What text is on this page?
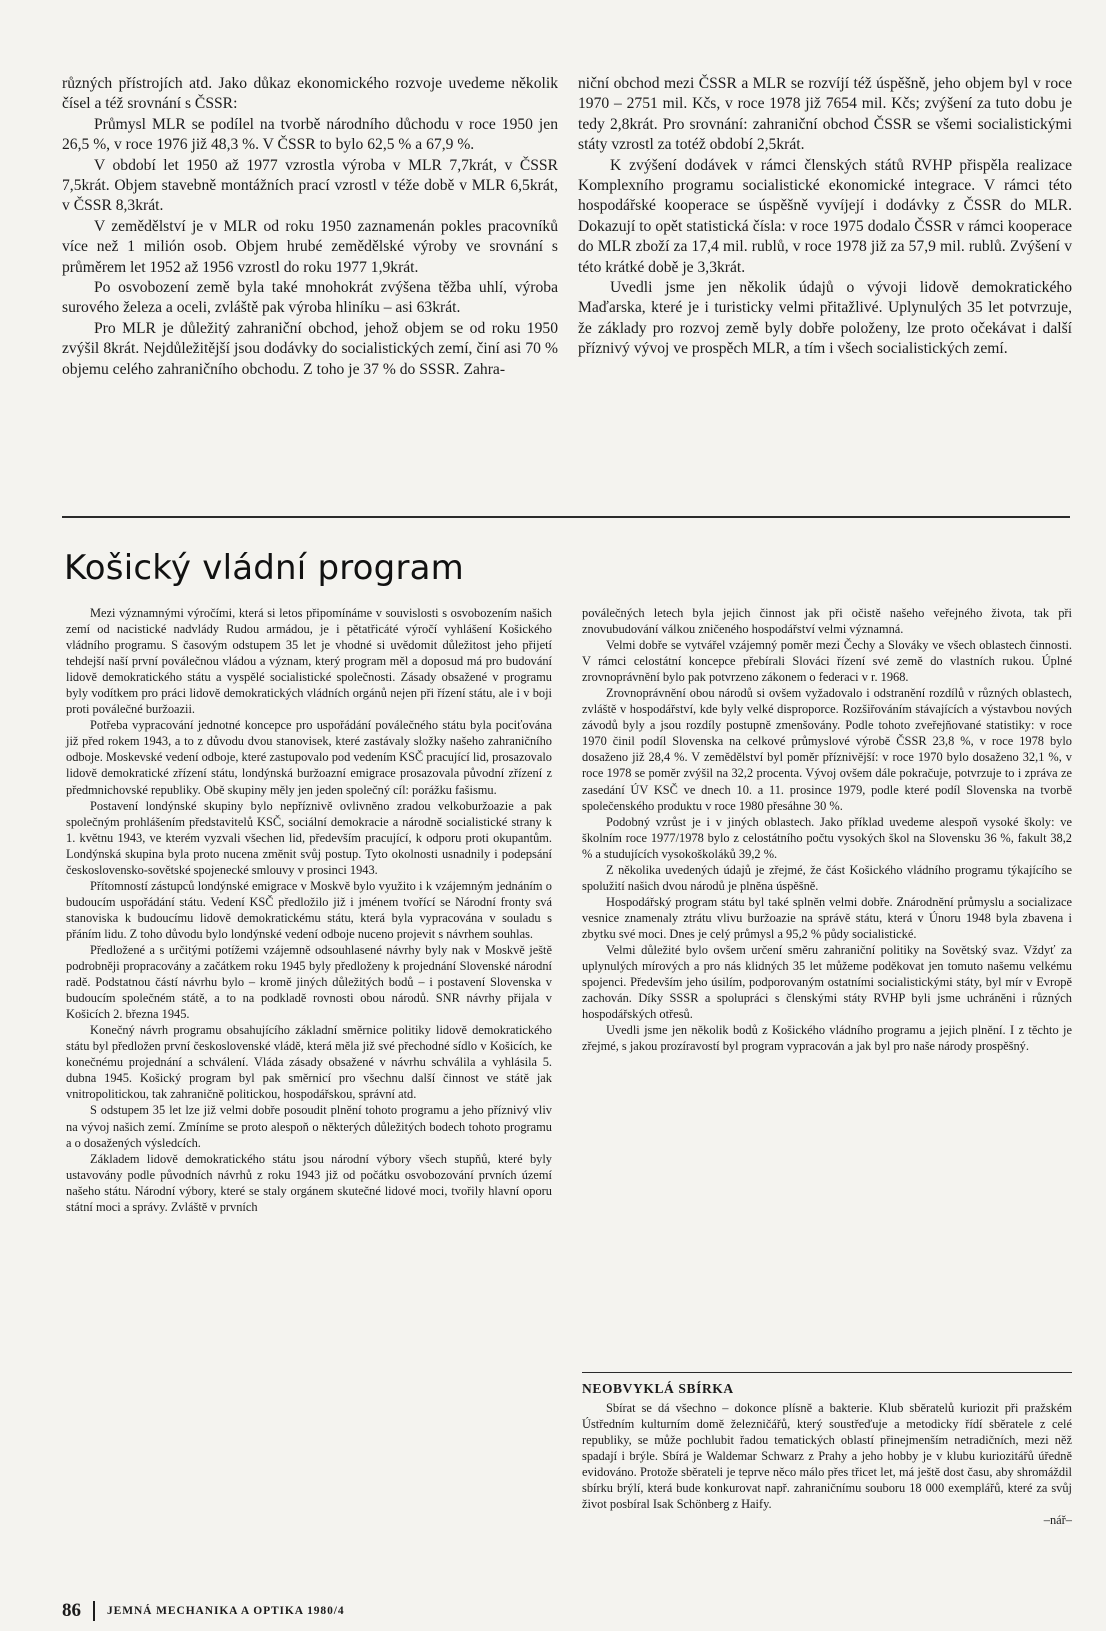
různých přístrojích atd. Jako důkaz ekonomického rozvoje uvedeme několik čísel a též srovnání s ČSSR:

Průmysl MLR se podílel na tvorbě národního důchodu v roce 1950 jen 26,5 %, v roce 1976 již 48,3 %. V ČSSR to bylo 62,5 % a 67,9 %.

V období let 1950 až 1977 vzrostla výroba v MLR 7,7krát, v ČSSR 7,5krát. Objem stavebně montážních prací vzrostl v téže době v MLR 6,5krát, v ČSSR 8,3krát.

V zemědělství je v MLR od roku 1950 zaznamenán pokles pracovníků více než 1 milión osob. Objem hrubé zemědělské výroby ve srovnání s průměrem let 1952 až 1956 vzrostl do roku 1977 1,9krát.

Po osvobození země byla také mnohokrát zvýšena těžba uhlí, výroba surového železa a oceli, zvláště pak výroba hliníku – asi 63krát.

Pro MLR je důležitý zahraniční obchod, jehož objem se od roku 1950 zvýšil 8krát. Nejdůležitější jsou dodávky do socialistických zemí, činí asi 70 % objemu celého zahraničního obchodu. Z toho je 37 % do SSSR. Zahra-

niční obchod mezi ČSSR a MLR se rozvíjí též úspěšně, jeho objem byl v roce 1970 – 2751 mil. Kčs, v roce 1978 již 7654 mil. Kčs; zvýšení za tuto dobu je tedy 2,8krát. Pro srovnání: zahraniční obchod ČSSR se všemi socialistickými státy vzrostl za totéž období 2,5krát.

K zvýšení dodávek v rámci členských států RVHP přispěla realizace Komplexního programu socialistické ekonomické integrace. V rámci této hospodářské kooperace se úspěšně vyvíjejí i dodávky z ČSSR do MLR. Dokazují to opět statistická čísla: v roce 1975 dodalo ČSSR v rámci kooperace do MLR zboží za 17,4 mil. rublů, v roce 1978 již za 57,9 mil. rublů. Zvýšení v této krátké době je 3,3krát.

Uvedli jsme jen několik údajů o vývoji lidově demokratického Maďarska, které je i turisticky velmi přitažlivé. Uplynulých 35 let potvrzuje, že základy pro rozvoj země byly dobře položeny, lze proto očekávat i další příznivý vývoj ve prospěch MLR, a tím i všech socialistických zemí.

Košický vládní program

Mezi významnými výročími, která si letos připomínáme v souvislosti s osvobozením našich zemí od nacistické nadvlády Rudou armádou, je i pětatřicáté výročí vyhlášení Košického vládního programu. S časovým odstupem 35 let je vhodné si uvědomit důležitost jeho přijetí tehdejší naší první poválečnou vládou a význam, který program měl a doposud má pro budování lidově demokratického státu a vyspělé socialistické společnosti. Zásady obsažené v programu byly vodítkem pro práci lidově demokratických vládních orgánů nejen při řízení státu, ale i v boji proti poválečné buržoazii.

Potřeba vypracování jednotné koncepce pro uspořádání poválečného státu byla pociťována již před rokem 1943, a to z důvodu dvou stanovisek, které zastávaly složky našeho zahraničního odboje. Moskevské vedení odboje, které zastupovalo pod vedením KSČ pracující lid, prosazovalo lidově demokratické zřízení státu, londýnská buržoazní emigrace prosazovala původní zřízení z předmnichovské republiky. Obě skupiny měly jen jeden společný cíl: porážku fašismu.

Postavení londýnské skupiny bylo nepříznivě ovlivněno zradou velkoburžoazie a pak společným prohlášením představitelů KSČ, sociální demokracie a národně socialistické strany k 1. květnu 1943, ve kterém vyzvali všechen lid, především pracující, k odporu proti okupantům. Londýnská skupina byla proto nucena změnit svůj postup. Tyto okolnosti usnadnily i podepsání československo-sovětské spojenecké smlouvy v prosinci 1943.

Přítomností zástupců londýnské emigrace v Moskvě bylo využito i k vzájemným jednáním o budoucím uspořádání státu. Vedení KSČ předložilo již i jménem tvořící se Národní fronty svá stanoviska k budoucímu lidově demokratickému státu, která byla vypracována v souladu s přáním lidu. Z toho důvodu bylo londýnské vedení odboje nuceno projevit s návrhem souhlas.

Předložené a s určitými potížemi vzájemně odsouhlasené návrhy byly nak v Moskvě ještě podrobněji propracovány a začátkem roku 1945 byly předloženy k projednání Slovenské národní radě. Podstatnou částí návrhu bylo – kromě jiných důležitých bodů – i postavení Slovenska v budoucím společném státě, a to na podkladě rovnosti obou národů. SNR návrhy přijala v Košicích 2. března 1945.

Konečný návrh programu obsahujícího základní směrnice politiky lidově demokratického státu byl předložen první československé vládě, která měla již své přechodné sídlo v Košicích, ke konečnému projednání a schválení. Vláda zásady obsažené v návrhu schválila a vyhlásila 5. dubna 1945. Košický program byl pak směrnicí pro všechnu další činnost ve státě jak vnitropolitickou, tak zahraničně politickou, hospodářskou, správní atd.

S odstupem 35 let lze již velmi dobře posoudit plnění tohoto programu a jeho příznivý vliv na vývoj našich zemí. Zmíníme se proto alespoň o některých důležitých bodech tohoto programu a o dosažených výsledcích.

Základem lidově demokratického státu jsou národní výbory všech stupňů, které byly ustavovány podle původních návrhů z roku 1943 již od počátku osvobozování prvních území našeho státu. Národní výbory, které se staly orgánem skutečné lidové moci, tvořily hlavní oporu státní moci a správy. Zvláště v prvních

poválečných letech byla jejich činnost jak při očistě našeho veřejného života, tak při znovubudování válkou zničeného hospodářství velmi významná.

Velmi dobře se vytvářel vzájemný poměr mezi Čechy a Slováky ve všech oblastech činnosti. V rámci celostátní koncepce přebírali Slováci řízení své země do vlastních rukou. Úplné zrovnoprávnění bylo pak potvrzeno zákonem o federaci v r. 1968.

Zrovnoprávnění obou národů si ovšem vyžadovalo i odstranění rozdílů v různých oblastech, zvláště v hospodářství, kde byly velké disproporce. Rozšiřováním stávajících a výstavbou nových závodů byly a jsou rozdíly postupně zmenšovány. Podle tohoto zveřejňované statistiky: v roce 1970 činil podíl Slovenska na celkové průmyslové výrobě ČSSR 23,8 %, v roce 1978 bylo dosaženo již 28,4 %. V zemědělství byl poměr příznivější: v roce 1970 bylo dosaženo 32,1 %, v roce 1978 se poměr zvýšil na 32,2 procenta. Vývoj ovšem dále pokračuje, potvrzuje to i zpráva ze zasedání ÚV KSČ ve dnech 10. a 11. prosince 1979, podle které podíl Slovenska na tvorbě společenského produktu v roce 1980 přesáhne 30 %.

Podobný vzrůst je i v jiných oblastech. Jako příklad uvedeme alespoň vysoké školy: ve školním roce 1977/1978 bylo z celostátního počtu vysokých škol na Slovensku 36 %, fakult 38,2 % a studujících vysokoškoláků 39,2 %.

Z několika uvedených údajů je zřejmé, že část Košického vládního programu týkajícího se spolužití našich dvou národů je plněna úspěšně.

Hospodářský program státu byl také splněn velmi dobře. Znárodnění průmyslu a socializace vesnice znamenaly ztrátu vlivu buržoazie na správě státu, která v Únoru 1948 byla zbavena i zbytku své moci. Dnes je celý průmysl a 95,2 % půdy socialistické.

Velmi důležité bylo ovšem určení směru zahraniční politiky na Sovětský svaz. Vždyť za uplynulých mírových a pro nás klidných 35 let můžeme poděkovat jen tomuto našemu velkému spojenci. Především jeho úsilím, podporovaným ostatními socialistickými státy, byl mír v Evropě zachován. Díky SSSR a spolupráci s členskými státy RVHP byli jsme uchráněni i různých hospodářských otřesů.

Uvedli jsme jen několik bodů z Košického vládního programu a jejich plnění. I z těchto je zřejmé, s jakou prozíravostí byl program vypracován a jak byl pro naše národy prospěšný.

NEOBVYKLÁ SBÍRKA

Sbírat se dá všechno – dokonce plísně a bakterie. Klub sběratelů kuriozit při pražském Ústředním kulturním domě železničářů, který soustřeďuje a metodicky řídí sběratele z celé republiky, se může pochlubit řadou tematických oblastí přinejmenším netradičních, mezi něž spadají i brýle. Sbírá je Waldemar Schwarz z Prahy a jeho hobby je v klubu kuriozitářů úředně evidováno. Protože sběrateli je teprve něco málo přes třicet let, má ještě dost času, aby shromáždil sbírku brýlí, která bude konkurovat např. zahraničnímu souboru 18 000 exemplářů, které za svůj život posbíral Isak Schönberg z Haify.

–nář–
86 JEMNÁ MECHANIKA A OPTIKA 1980/4
